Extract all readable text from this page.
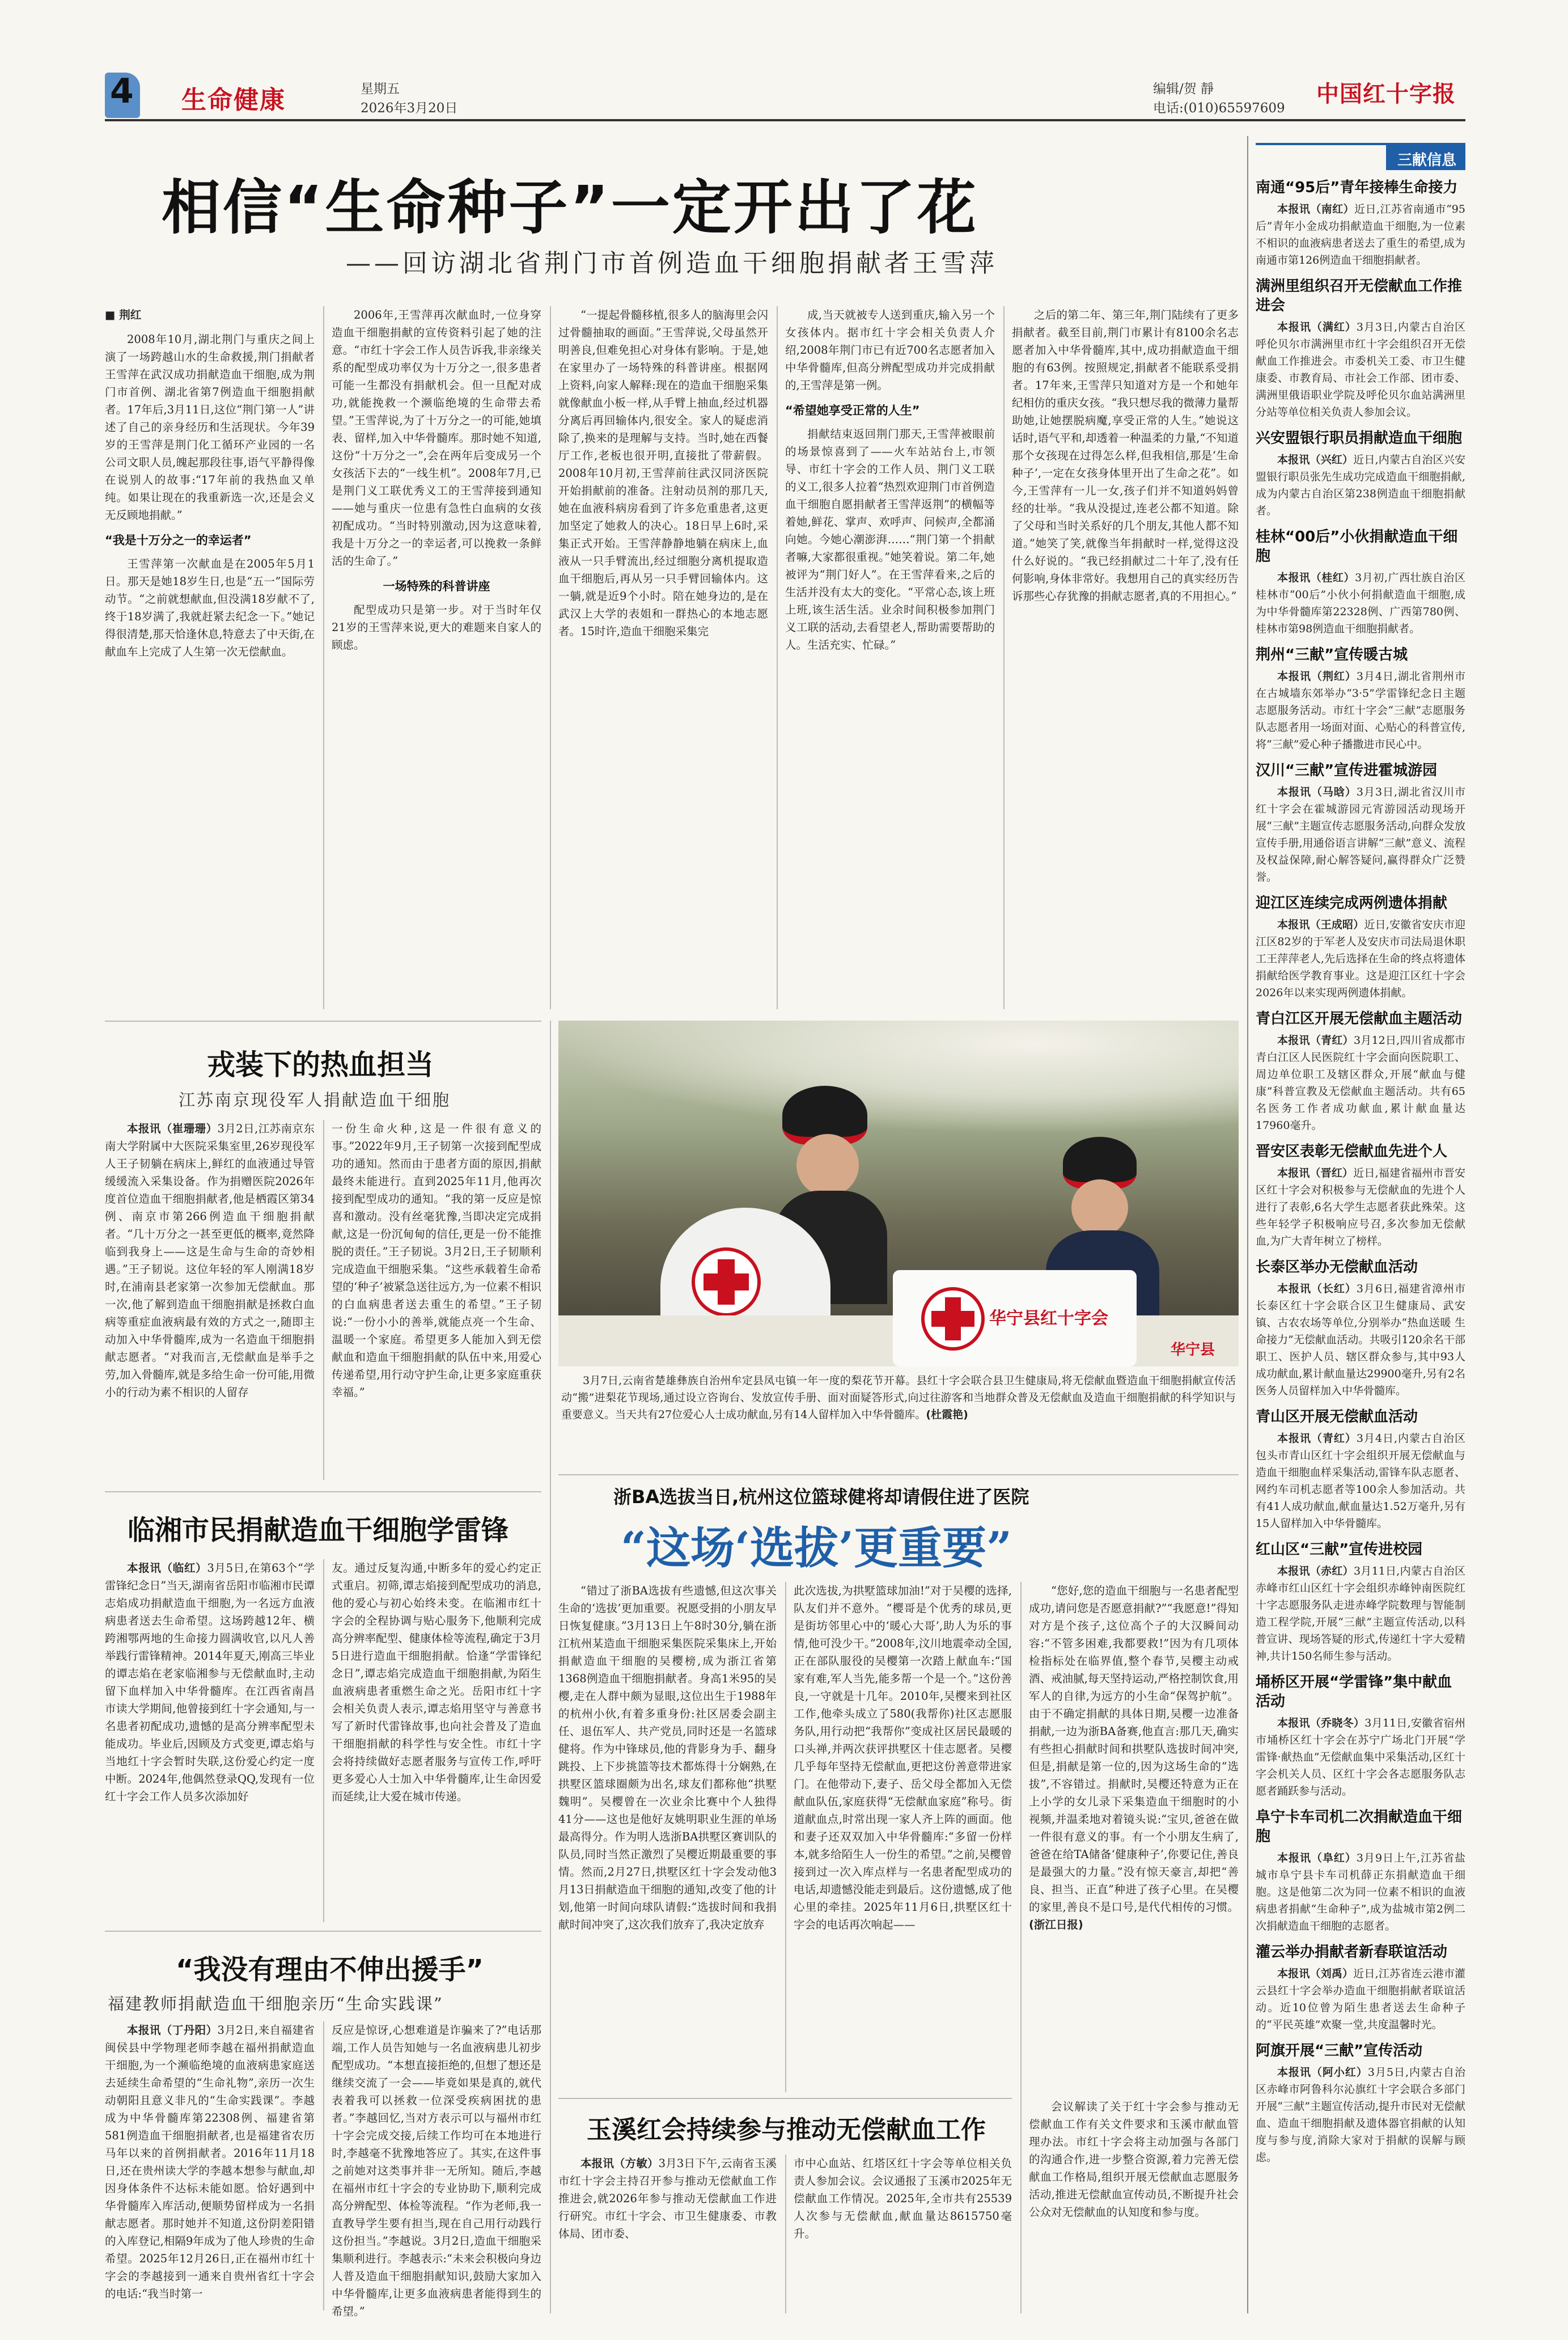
4 生命健康	星期五
2026年3月20日
编辑/贺 靜
电话:(010)65597609
中国红十字报
相信“生命种子”一定开出了花
——回访湖北省荆门市首例造血干细胞捐献者王雪萍

■ 荆红

2008年10月,湖北荆门与重庆之间上演了一场跨越山水的生命救援,荆门捐献者王雪萍在武汉成功捐献造血干细胞,成为荆门市首例、湖北省第7例造血干细胞捐献者。17年后,3月11日,这位“荆门第一人”讲述了自己的亲身经历和生活现状。今年39岁的王雪萍是荆门化工循环产业园的一名公司文职人员,魄起那段往事,语气平静得像在说别人的故事:“17年前的我热血又单纯。如果让现在的我重新选一次,还是会义无反顾地捐献。”

“我是十万分之一的幸运者”

王雪萍第一次献血是在2005年5月1日。那天是她18岁生日,也是“五一”国际劳动节。“之前就想献血,但没满18岁献不了,终于18岁满了,我就赶紧去纪念一下。”她记得很清楚,那天恰逢休息,特意去了中天街,在献血车上完成了人生第一次无偿献血。

2006年,王雪萍再次献血时,一位身穿造血干细胞捐献的宣传资料引起了她的注意。“市红十字会工作人员告诉我,非亲缘关系的配型成功率仅为十万分之一,很多患者可能一生都没有捐献机会。但一旦配对成功,就能挽救一个濒临绝境的生命带去希望。”王雪萍说,为了十万分之一的可能,她填表、留样,加入中华骨髓库。那时她不知道,这份“十万分之一”,会在两年后变成另一个女孩活下去的“一线生机”。2008年7月,已是荆门义工联优秀义工的王雪萍接到通知——她与重庆一位患有急性白血病的女孩初配成功。“当时特别激动,因为这意味着,我是十万分之一的幸运者,可以挽救一条鲜活的生命了。”

一场特殊的科普讲座

配型成功只是第一步。对于当时年仅21岁的王雪萍来说,更大的难题来自家人的顾虑。

“一提起骨髓移植,很多人的脑海里会闪过骨髓抽取的画面。”王雪萍说,父母虽然开明善良,但难免担心对身体有影响。于是,她在家里办了一场特殊的科普讲座。根据网上资料,向家人解释:现在的造血干细胞采集就像献血小板一样,从手臂上抽血,经过机器分离后再回输体内,很安全。家人的疑虑消除了,换来的是理解与支持。当时,她在西餐厅工作,老板也很开明,直接批了带薪假。2008年10月初,王雪萍前往武汉同济医院开始捐献前的准备。注射动员剂的那几天,她在血液科病房看到了许多危重患者,这更加坚定了她救人的决心。18日早上6时,采集正式开始。王雪萍静静地躺在病床上,血液从一只手臂流出,经过细胞分离机提取造血干细胞后,再从另一只手臂回输体内。这一躺,就是近9个小时。陪在她身边的,是在武汉上大学的表姐和一群热心的本地志愿者。15时许,造血干细胞采集完

成,当天就被专人送到重庆,输入另一个女孩体内。据市红十字会相关负责人介绍,2008年荆门市已有近700名志愿者加入中华骨髓库,但高分辨配型成功并完成捐献的,王雪萍是第一例。

“希望她享受正常的人生”

捐献结束返回荆门那天,王雪萍被眼前的场景惊喜到了——火车站站台上,市领导、市红十字会的工作人员、荆门义工联的义工,很多人拉着“热烈欢迎荆门市首例造血干细胞自愿捐献者王雪萍返荆”的横幅等着她,鲜花、掌声、欢呼声、问候声,全都涌向她。今她心潮澎湃……“荆门第一个捐献者嘛,大家都很重视。”她笑着说。第二年,她被评为“荆门好人”。在王雪萍看来,之后的生活并没有太大的变化。“平常心态,该上班上班,该生活生活。业余时间积极参加荆门义工联的活动,去看望老人,帮助需要帮助的人。生活充实、忙碌。”

之后的第二年、第三年,荆门陆续有了更多捐献者。截至目前,荆门市累计有8100余名志愿者加入中华骨髓库,其中,成功捐献造血干细胞的有63例。按照规定,捐献者不能联系受捐者。17年来,王雪萍只知道对方是一个和她年纪相仿的重庆女孩。“我只想尽我的微薄力量帮助她,让她摆脱病魔,享受正常的人生。”她说这话时,语气平和,却透着一种温柔的力量,“不知道那个女孩现在过得怎么样,但我相信,那是‘生命种子’,一定在女孩身体里开出了生命之花”。如今,王雪萍有一儿一女,孩子们并不知道妈妈曾经的壮举。“我从没提过,连老公都不知道。除了父母和当时关系好的几个朋友,其他人都不知道。”她笑了笑,就像当年捐献时一样,觉得这没什么好说的。“我已经捐献过二十年了,没有任何影响,身体非常好。我想用自己的真实经历告诉那些心存犹豫的捐献志愿者,真的不用担心。”

戎装下的热血担当
江苏南京现役军人捐献造血干细胞

本报讯（崔珊珊）3月2日,江苏南京东南大学附属中大医院采集室里,26岁现役军人王子韧躺在病床上,鲜红的血液通过导管缓缓流入采集设备。作为捐赠医院2026年度首位造血干细胞捐献者,他是栖霞区第34例、南京市第266例造血干细胞捐献者。“几十万分之一甚至更低的概率,竟然降临到我身上——这是生命与生命的奇妙相遇。”王子韧说。这位年轻的军人刚满18岁时,在浦南县老家第一次参加无偿献血。那一次,他了解到造血干细胞捐献是拯救白血病等重症血液病最有效的方式之一,随即主动加入中华骨髓库,成为一名造血干细胞捐献志愿者。“对我而言,无偿献血是举手之劳,加入骨髓库,就是多给生命一份可能,用微小的行动为素不相识的人留存

一份生命火种,这是一件很有意义的事。”2022年9月,王子韧第一次接到配型成功的通知。然而由于患者方面的原因,捐献最终未能进行。直到2025年11月,他再次接到配型成功的通知。“我的第一反应是惊喜和激动。没有丝毫犹豫,当即决定完成捐献,这是一份沉甸甸的信任,更是一份不能推脱的责任。”王子韧说。3月2日,王子韧顺利完成造血干细胞采集。“这些承载着生命希望的‘种子’被紧急送往远方,为一位素不相识的白血病患者送去重生的希望。”王子韧说:“一份小小的善举,就能点亮一个生命、温暖一个家庭。希望更多人能加入到无偿献血和造血干细胞捐献的队伍中来,用爱心传递希望,用行动守护生命,让更多家庭重获幸福。”

临湘市民捐献造血干细胞学雷锋

本报讯（临红）3月5日,在第63个“学雷锋纪念日”当天,湖南省岳阳市临湘市民谭志焰成功捐献造血干细胞,为一名远方血液病患者送去生命希望。这场跨越12年、横跨湘鄂两地的生命接力圆满收官,以凡人善举践行雷锋精神。2014年夏天,刚高三毕业的谭志焰在老家临湘参与无偿献血时,主动留下血样加入中华骨髓库。在江西省南昌市读大学期间,他曾接到红十字会通知,与一名患者初配成功,遗憾的是高分辨率配型未能成功。毕业后,因顾及方式变更,谭志焰与当地红十字会暂时失联,这份爱心约定一度中断。2024年,他偶然登录QQ,发现有一位红十字会工作人员多次添加好

友。通过反复沟通,中断多年的爱心约定正式重启。初筛,谭志焰接到配型成功的消息,他的爱心与初心始终未变。在临湘市红十字会的全程协调与贴心服务下,他顺利完成高分辨率配型、健康体检等流程,确定于3月5日进行造血干细胞捐献。恰逢“学雷锋纪念日”,谭志焰完成造血干细胞捐献,为陌生血液病患者重燃生命之光。岳阳市红十字会相关负责人表示,谭志焰用坚守与善意书写了新时代雷锋故事,也向社会普及了造血干细胞捐献的科学性与安全性。市红十字会将持续做好志愿者服务与宣传工作,呼吁更多爱心人士加入中华骨髓库,让生命因爱而延续,让大爱在城市传递。

“我没有理由不伸出援手”
福建教师捐献造血干细胞亲历“生命实践课”

本报讯（丁丹阳）3月2日,来自福建省闽侯县中学物理老师李越在福州捐献造血干细胞,为一个濒临绝境的血液病患家庭送去延续生命希望的“生命礼物”,亲历一次生动朝阳且意义非凡的“生命实践课”。李越成为中华骨髓库第22308例、福建省第581例造血干细胞捐献者,也是福建省农历马年以来的首例捐献者。2016年11月18日,还在贵州读大学的李越本想参与献血,却因身体条件不达标未能如愿。恰好遇到中华骨髓库入库活动,便顺势留样成为一名捐献志愿者。那时她并不知道,这份阴差阳错的入库登记,相隔9年成为了他人珍贵的生命希望。2025年12月26日,正在福州市红十字会的李越接到一通来自贵州省红十字会的电话:“我当时第一

反应是惊讶,心想难道是诈骗来了?”电话那端,工作人员告知她与一名血液病患儿初步配型成功。“本想直接拒绝的,但想了想还是继续交流了一会——毕竟如果是真的,就代表着我可以拯救一位深受疾病困扰的患者。”李越回忆,当对方表示可以与福州市红十字会完成交接,后续工作均可在本地进行时,李越毫不犹豫地答应了。其实,在这件事之前她对这类事并非一无所知。随后,李越在福州市红十字会的专业协助下,顺利完成高分辨配型、体检等流程。“作为老师,我一直教导学生要有担当,现在自己用行动践行这份担当。”李越说。3月2日,造血干细胞采集顺利进行。李越表示:“未来会积极向身边人普及造血干细胞捐献知识,鼓励大家加入中华骨髓库,让更多血液病患者能得到生的希望。”

华宁县红十字会
华宁县
3月7日,云南省楚雄彝族自治州牟定县凤屯镇一年一度的梨花节开幕。县红十字会联合县卫生健康局,将无偿献血暨造血干细胞捐献宣传活动“搬”进梨花节现场,通过设立咨询台、发放宣传手册、面对面疑答形式,向过往游客和当地群众普及无偿献血及造血干细胞捐献的科学知识与重要意义。当天共有27位爱心人士成功献血,另有14人留样加入中华骨髓库。(杜霞艳)
浙BA选拔当日,杭州这位篮球健将却请假住进了医院
“这场‘选拔’更重要”

“错过了浙BA选拔有些遗憾,但这次事关生命的‘选拔’更加重要。祝愿受捐的小朋友早日恢复健康。”3月13日上午8时30分,躺在浙江杭州某造血干细胞采集医院采集床上,开始捐献造血干细胞的吴樱榜,成为浙江省第1368例造血干细胞捐献者。身高1米95的吴樱,走在人群中颇为显眼,这位出生于1988年的杭州小伙,有着多重身份:社区居委会副主任、退伍军人、共产党员,同时还是一名篮球健将。作为中锋球员,他的背影身为手、翻身跳投、上下步挑篮等技术都炼得十分娴熟,在拱墅区篮球圈颇为出名,球友们都称他“拱墅魏明”。吴樱曾在一次业余比赛中个人独得41分——这也是他好友姚明职业生涯的单场最高得分。作为明人选浙BA拱墅区赛训队的队员,同时当然正激烈了吴樱近期最重要的事情。然而,2月27日,拱墅区红十字会发动他3月13日捐献造血干细胞的通知,改变了他的计划,他第一时间向球队请假:“选拔时间和我捐献时间冲突了,这次我们放弃了,我决定放弃

此次选拔,为拱墅篮球加油!”对于吴樱的选择,队友们并不意外。“樱哥是个优秀的球员,更是街坊邻里心中的‘暖心大哥’,助人为乐的事情,他可没少干。”2008年,汶川地震牵动全国,正在部队服役的吴樱第一次踏上献血车:“国家有难,军人当先,能多帮一个是一个。”这份善良,一守就是十几年。2010年,吴樱来到社区工作,他牵头成立了580(我帮你)社区志愿服务队,用行动把“我帮你”变成社区居民最暖的口头禅,并两次获评拱墅区十佳志愿者。吴樱几乎每年坚持无偿献血,更把这份善意带进家门。在他带动下,妻子、岳父母全都加入无偿献血队伍,家庭获得“无偿献血家庭”称号。街道献血点,时常出现一家人齐上阵的画面。他和妻子还双双加入中华骨髓库:“多留一份样本,就多给陌生人一份生的希望。”之前,吴樱曾接到过一次入库点样与一名患者配型成功的电话,却遗憾没能走到最后。这份遗憾,成了他心里的牵挂。2025年11月6日,拱墅区红十字会的电话再次响起——

“您好,您的造血干细胞与一名患者配型成功,请问您是否愿意捐献?”“我愿意!”得知对方是个孩子,这位高个子的大汉瞬间动容:“不管多困难,我都要救!”因为有几项体检指标处在临界值,整个春节,吴樱主动戒酒、戒油腻,每天坚持运动,严格控制饮食,用军人的自律,为远方的小生命“保驾护航”。由于不确定捐献的具体日期,吴樱一边准备捐献,一边为浙BA备赛,他直言:那几天,确实有些担心捐献时间和拱墅队选拔时间冲突,但是,捐献是第一位的,因为这场生命的“选拔”,不容错过。捐献时,吴樱还特意为正在上小学的女儿录下采集造血干细胞时的小视频,并温柔地对着镜头说:“宝贝,爸爸在做一件很有意义的事。有一个小朋友生病了,爸爸在给TA储备‘健康种子’,你要记住,善良是最强大的力量。”没有惊天豪言,却把“善良、担当、正直”种进了孩子心里。在吴樱的家里,善良不是口号,是代代相传的习惯。(浙江日报)

玉溪红会持续参与推动无偿献血工作

本报讯（方敏）3月3日下午,云南省玉溪市红十字会主持召开参与推动无偿献血工作推进会,就2026年参与推动无偿献血工作进行研究。市红十字会、市卫生健康委、市教体局、团市委、

市中心血站、红塔区红十字会等单位相关负责人参加会议。会议通报了玉溪市2025年无偿献血工作情况。2025年,全市共有25539人次参与无偿献血,献血量达8615750毫升。

会议解读了关于红十字会参与推动无偿献血工作有关文件要求和玉溪市献血管理办法。市红十字会将主动加强与各部门的沟通合作,进一步整合资源,着力完善无偿献血工作格局,组织开展无偿献血志愿服务活动,推进无偿献血宣传动员,不断提升社会公众对无偿献血的认知度和参与度。

三献信息
南通“95后”青年接棒生命接力

本报讯（南红）近日,江苏省南通市“95后”青年小金成功捐献造血干细胞,为一位素不相识的血液病患者送去了重生的希望,成为南通市第126例造血干细胞捐献者。

满洲里组织召开无偿献血工作推进会

本报讯（满红）3月3日,内蒙古自治区呼伦贝尔市满洲里市红十字会组织召开无偿献血工作推进会。市委机关工委、市卫生健康委、市教育局、市社会工作部、团市委、满洲里俄语职业学院及呼伦贝尔血站满洲里分站等单位相关负责人参加会议。

兴安盟银行职员捐献造血干细胞

本报讯（兴红）近日,内蒙古自治区兴安盟银行职员张先生成功完成造血干细胞捐献,成为内蒙古自治区第238例造血干细胞捐献者。

桂林“00后”小伙捐献造血干细胞

本报讯（桂红）3月初,广西壮族自治区桂林市“00后”小伙小何捐献造血干细胞,成为中华骨髓库第22328例、广西第780例、桂林市第98例造血干细胞捐献者。

荆州“三献”宣传暖古城

本报讯（荆红）3月4日,湖北省荆州市在古城墙东郊举办“3·5”学雷锋纪念日主题志愿服务活动。市红十字会“三献”志愿服务队志愿者用一场面对面、心贴心的科普宣传,将“三献”爱心种子播撒进市民心中。

汉川“三献”宣传进霍城游园

本报讯（马晗）3月3日,湖北省汉川市红十字会在霍城游园元宵游园活动现场开展“三献”主题宣传志愿服务活动,向群众发放宣传手册,用通俗语言讲解“三献”意义、流程及权益保障,耐心解答疑问,赢得群众广泛赞誉。

迎江区连续完成两例遗体捐献

本报讯（王成昭）近日,安徽省安庆市迎江区82岁的于军老人及安庆市司法局退休职工王萍萍老人,先后选择在生命的终点将遗体捐献给医学教育事业。这是迎江区红十字会2026年以来实现两例遗体捐献。

青白江区开展无偿献血主题活动

本报讯（青红）3月12日,四川省成都市青白江区人民医院红十字会面向医院职工、周边单位职工及辖区群众,开展“献血与健康”科普宣教及无偿献血主题活动。共有65名医务工作者成功献血,累计献血量达17960毫升。

晋安区表彰无偿献血先进个人

本报讯（晋红）近日,福建省福州市晋安区红十字会对积极参与无偿献血的先进个人进行了表彰,6名大学生志愿者获此殊荣。这些年轻学子积极响应号召,多次参加无偿献血,为广大青年树立了榜样。

长泰区举办无偿献血活动

本报讯（长红）3月6日,福建省漳州市长泰区红十字会联合区卫生健康局、武安镇、古农农场等单位,分别举办“热血送暖 生命接力”无偿献血活动。共吸引120余名干部职工、医护人员、辖区群众参与,其中93人成功献血,累计献血量达29900毫升,另有2名医务人员留样加入中华骨髓库。

青山区开展无偿献血活动

本报讯（青红）3月4日,内蒙古自治区包头市青山区红十字会组织开展无偿献血与造血干细胞血样采集活动,雷锋车队志愿者、网约车司机志愿者等100余人参加活动。共有41人成功献血,献血量达1.52万毫升,另有15人留样加入中华骨髓库。

红山区“三献”宣传进校园

本报讯（赤红）3月11日,内蒙古自治区赤峰市红山区红十字会组织赤峰钟南医院红十字志愿服务队走进赤峰学院数理与智能制造工程学院,开展“三献”主题宣传活动,以科普宣讲、现场答疑的形式,传递红十字大爱精神,共计150名师生参与活动。

埇桥区开展“学雷锋”集中献血活动

本报讯（乔晓冬）3月11日,安徽省宿州市埇桥区红十字会在苏宁广场北门开展“学雷锋·献热血”无偿献血集中采集活动,区红十字会机关人员、区红十字会各志愿服务队志愿者踊跃参与活动。

阜宁卡车司机二次捐献造血干细胞

本报讯（阜红）3月9日上午,江苏省盐城市阜宁县卡车司机薛正东捐献造血干细胞。这是他第二次为同一位素不相识的血液病患者捐献“生命种子”,成为盐城市第2例二次捐献造血干细胞的志愿者。

灌云举办捐献者新春联谊活动

本报讯（刘禹）近日,江苏省连云港市灌云县红十字会举办造血干细胞捐献者联谊活动。近10位曾为陌生患者送去生命种子的“平民英雄”欢聚一堂,共度温馨时光。

阿旗开展“三献”宣传活动

本报讯（阿小红）3月5日,内蒙古自治区赤峰市阿鲁科尔沁旗红十字会联合多部门开展“三献”主题宣传活动,提升市民对无偿献血、造血干细胞捐献及遗体器官捐献的认知度与参与度,消除大家对于捐献的误解与顾虑。
